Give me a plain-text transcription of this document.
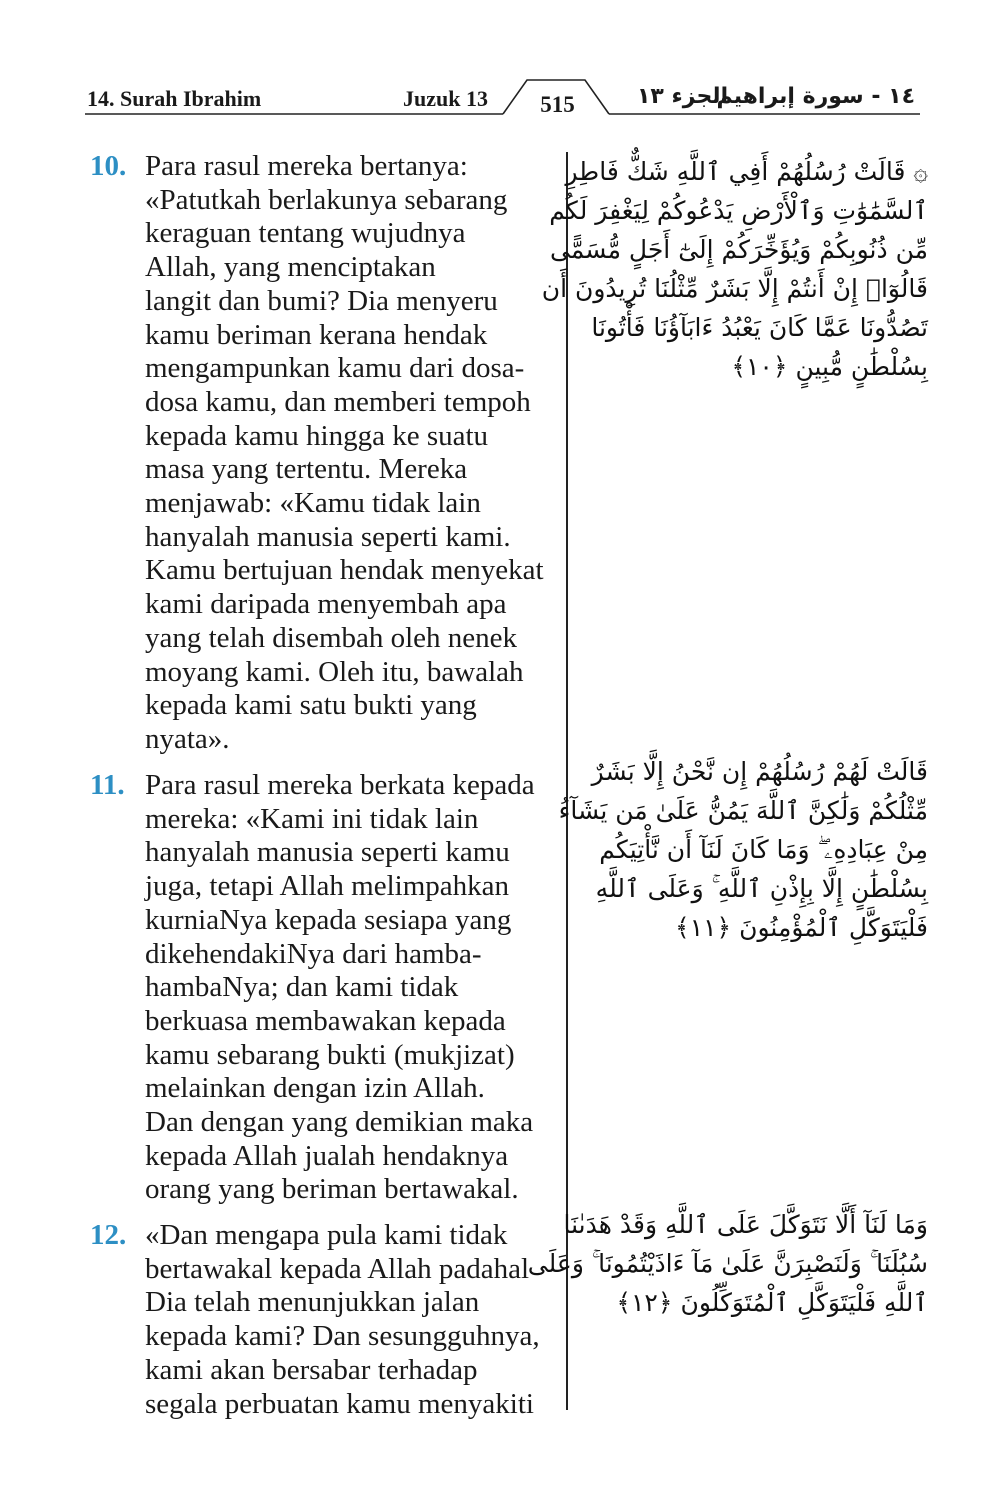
14. Surah Ibrahim	Juzuk 13	515	الجزء ١٣
١٤ - سورة إبراهيم
10. Para rasul mereka bertanya:
«Patutkah berlakunya sebarang
keraguan tentang wujudnya
Allah, yang menciptakan
langit dan bumi? Dia menyeru
kamu beriman kerana hendak
mengampunkan kamu dari dosa-
dosa kamu, dan memberi tempoh
kepada kamu hingga ke suatu
masa yang tertentu. Mereka
menjawab: «Kamu tidak lain
hanyalah manusia seperti kami.
Kamu bertujuan hendak menyekat
kami daripada menyembah apa
yang telah disembah oleh nenek
moyang kami. Oleh itu, bawalah
kepada kami satu bukti yang
nyata».
11. Para rasul mereka berkata kepada
mereka: «Kami ini tidak lain
hanyalah manusia seperti kamu
juga, tetapi Allah melimpahkan
kurniaNya kepada sesiapa yang
dikehendakiNya dari hamba-
hambaNya; dan kami tidak
berkuasa membawakan kepada
kamu sebarang bukti (mukjizat)
melainkan dengan izin Allah.
Dan dengan yang demikian maka
kepada Allah jualah hendaknya
orang yang beriman bertawakal.
12. «Dan mengapa pula kami tidak
bertawakal kepada Allah padahal
Dia telah menunjukkan jalan
kepada kami? Dan sesungguhnya,
kami akan bersabar terhadap
segala perbuatan kamu menyakiti
۞ قَالَتْ رُسُلُهُمْ أَفِي ٱللَّهِ شَكٌّ فَاطِرِ
ٱلسَّمَٰوَٰتِ وَٱلْأَرْضِ يَدْعُوكُمْ لِيَغْفِرَ لَكُم
مِّن ذُنُوبِكُمْ وَيُؤَخِّرَكُمْ إِلَىٰٓ أَجَلٍ مُّسَمًّى
قَالُوٓا۟ إِنْ أَنتُمْ إِلَّا بَشَرٌ مِّثْلُنَا تُرِيدُونَ أَن
تَصُدُّونَا عَمَّا كَانَ يَعْبُدُ ءَابَآؤُنَا فَأْتُونَا
بِسُلْطَٰنٍ مُّبِينٍ ﴿١٠﴾
قَالَتْ لَهُمْ رُسُلُهُمْ إِن نَّحْنُ إِلَّا بَشَرٌ
مِّثْلُكُمْ وَلَٰكِنَّ ٱللَّهَ يَمُنُّ عَلَىٰ مَن يَشَآءُ
مِنْ عِبَادِهِۦ ۖ وَمَا كَانَ لَنَآ أَن نَّأْتِيَكُم
بِسُلْطَٰنٍ إِلَّا بِإِذْنِ ٱللَّهِ ۚ وَعَلَى ٱللَّهِ
فَلْيَتَوَكَّلِ ٱلْمُؤْمِنُونَ ﴿١١﴾
وَمَا لَنَآ أَلَّا نَتَوَكَّلَ عَلَى ٱللَّهِ وَقَدْ هَدَىٰنَا
سُبُلَنَا ۚ وَلَنَصْبِرَنَّ عَلَىٰ مَآ ءَاذَيْتُمُونَا ۚ وَعَلَى
ٱللَّهِ فَلْيَتَوَكَّلِ ٱلْمُتَوَكِّلُونَ ﴿١٢﴾
